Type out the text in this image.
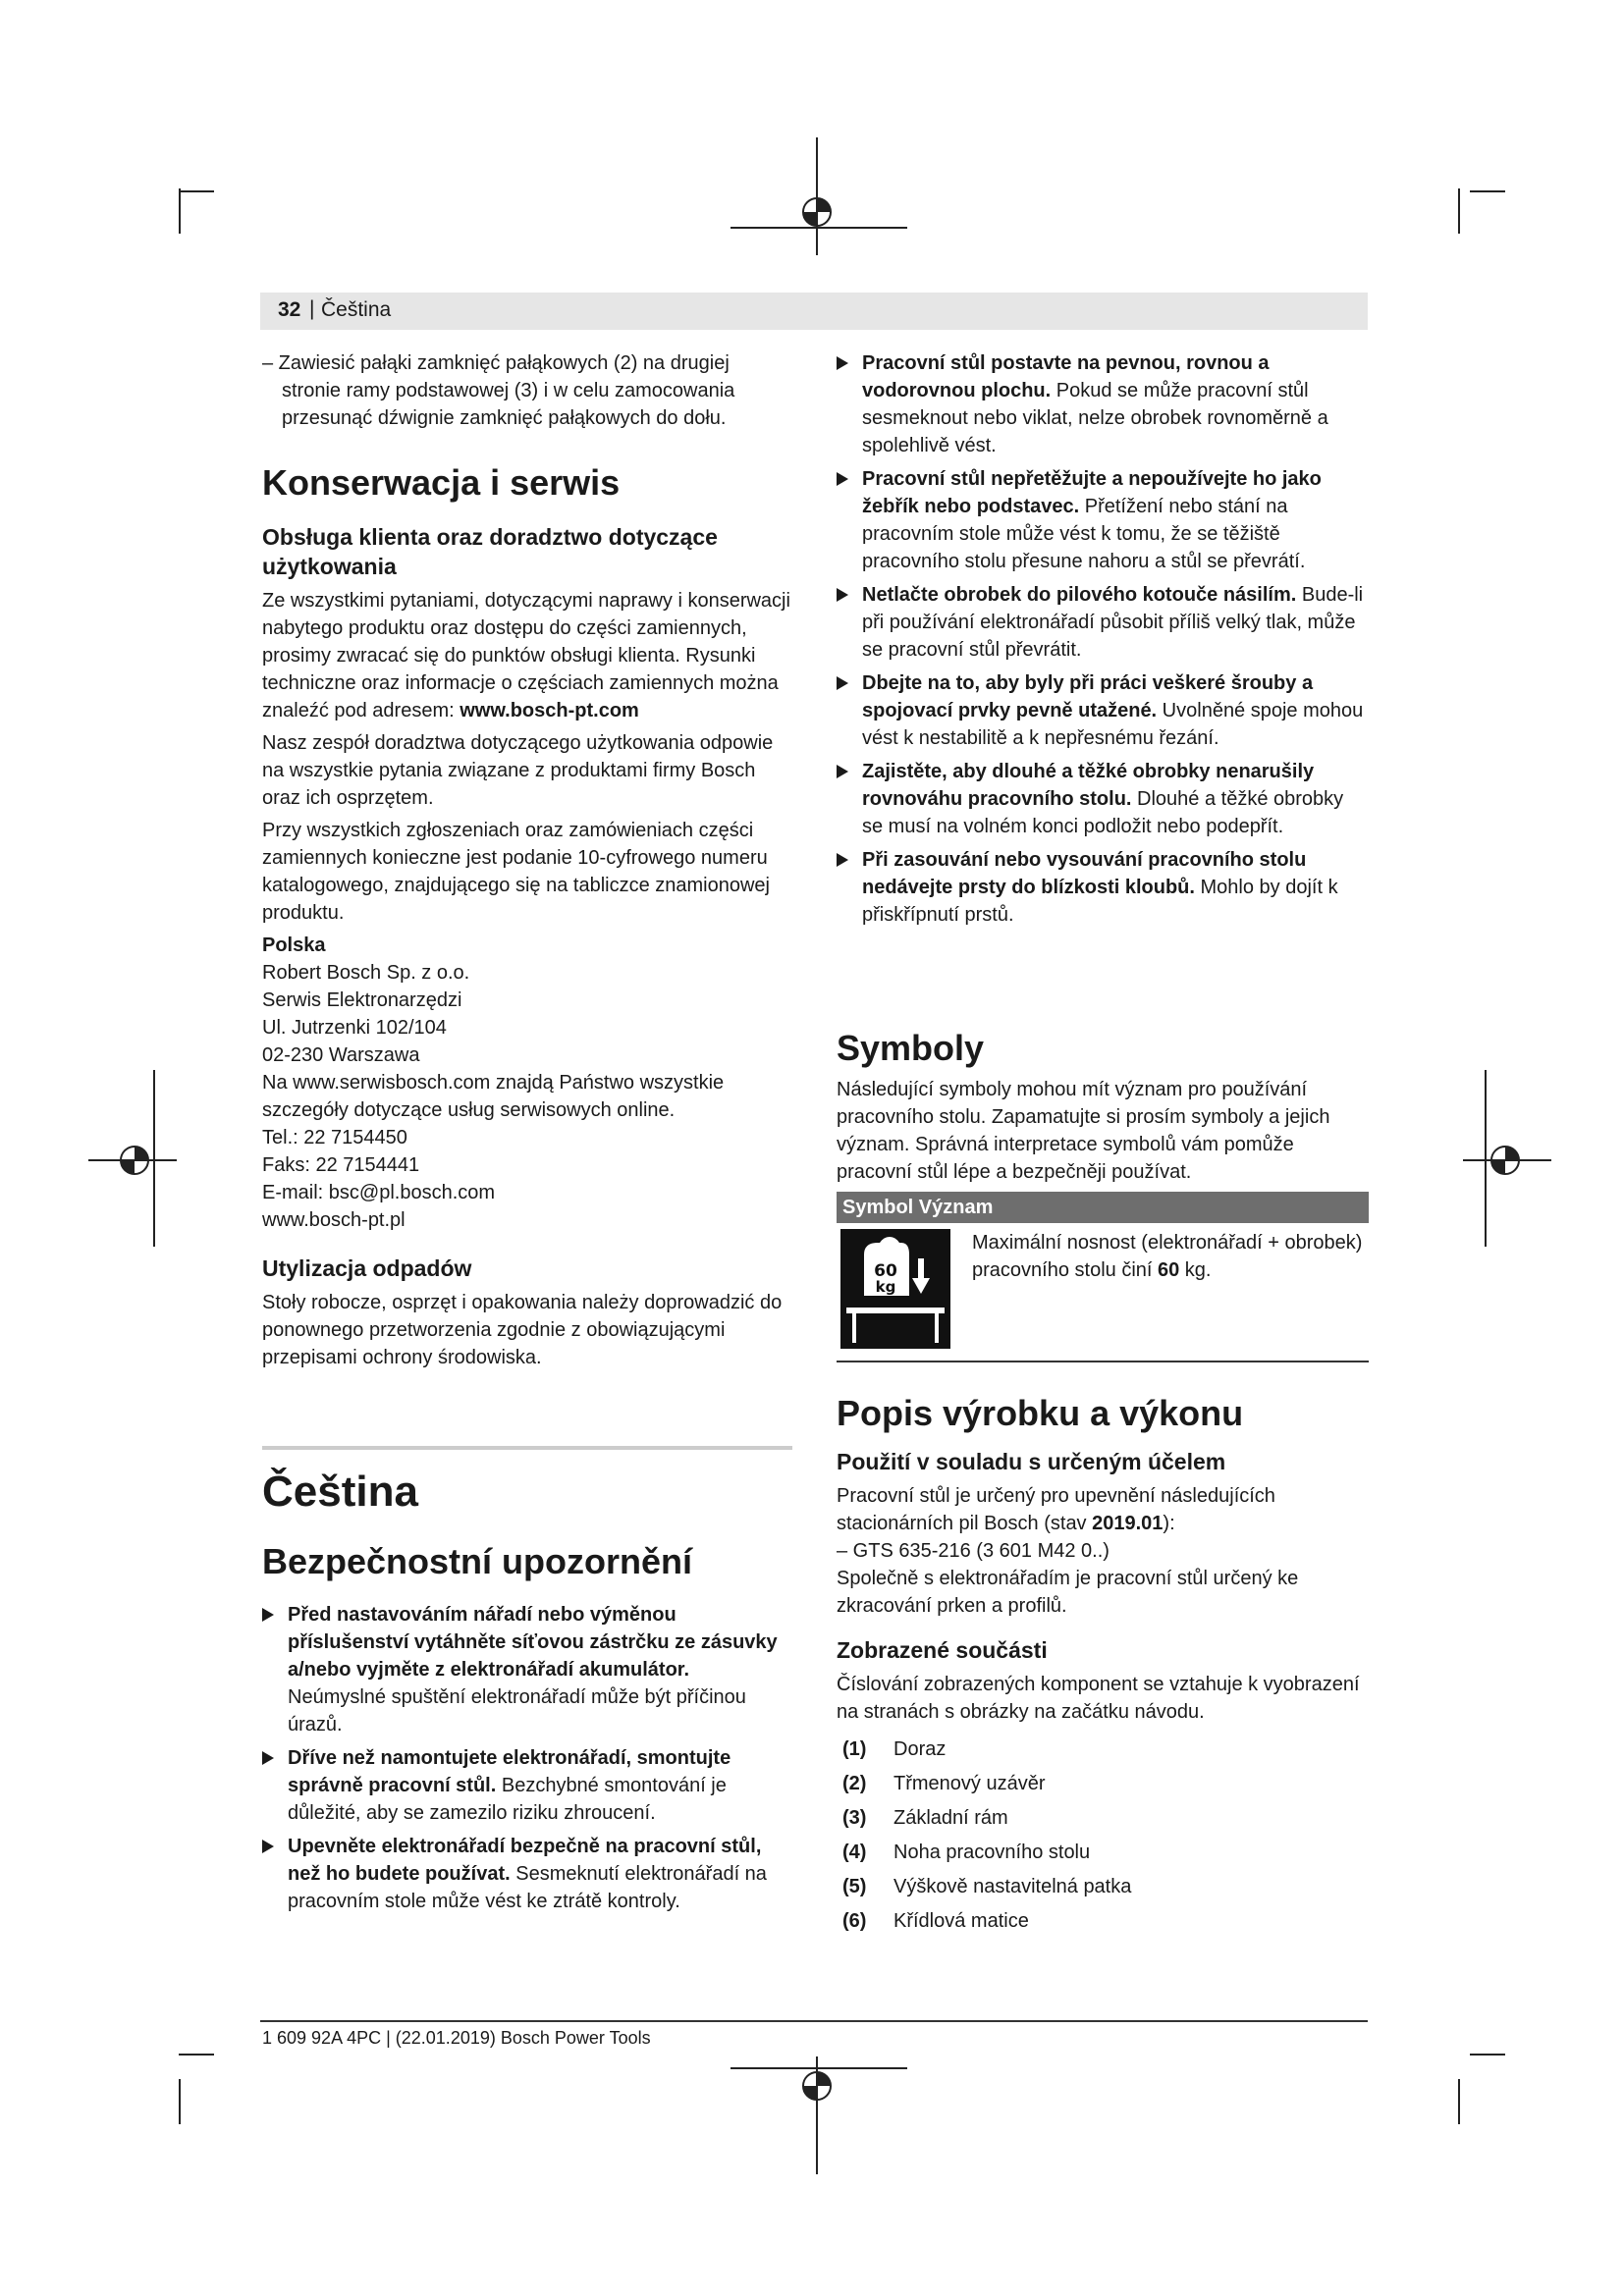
32 | Čeština

– Zawiesić pałąki zamknięć pałąkowych (2) na drugiej stronie ramy podstawowej (3) i w celu zamocowania przesunąć dźwignie zamknięć pałąkowych do dołu.

Konserwacja i serwis
Obsługa klienta oraz doradztwo dotyczące użytkowania

Ze wszystkimi pytaniami, dotyczącymi naprawy i konserwacji nabytego produktu oraz dostępu do części zamiennych, prosimy zwracać się do punktów obsługi klienta. Rysunki techniczne oraz informacje o częściach zamiennych można znaleźć pod adresem: www.bosch-pt.com

Nasz zespół doradztwa dotyczącego użytkowania odpowie na wszystkie pytania związane z produktami firmy Bosch oraz ich osprzętem.

Przy wszystkich zgłoszeniach oraz zamówieniach części zamiennych konieczne jest podanie 10-cyfrowego numeru katalogowego, znajdującego się na tabliczce znamionowej produktu.

Polska

Robert Bosch Sp. z o.o.
Serwis Elektronarzędzi
Ul. Jutrzenki 102/104
02-230 Warszawa
Na www.serwisbosch.com znajdą Państwo wszystkie szczegóły dotyczące usług serwisowych online.
Tel.: 22 7154450
Faks: 22 7154441
E-mail: bsc@pl.bosch.com
www.bosch-pt.pl
Utylizacja odpadów

Stoły robocze, osprzęt i opakowania należy doprowadzić do ponownego przetworzenia zgodnie z obowiązującymi przepisami ochrony środowiska.

Čeština
Bezpečnostní upozornění
Před nastavováním nářadí nebo výměnou příslušenství vytáhněte síťovou zástrčku ze zásuvky a/nebo vyjměte z elektronářadí akumulátor. Neúmyslné spuštění elektronářadí může být příčinou úrazů.
Dříve než namontujete elektronářadí, smontujte správně pracovní stůl. Bezchybné smontování je důležité, aby se zamezilo riziku zhroucení.
Upevněte elektronářadí bezpečně na pracovní stůl, než ho budete používat. Sesmeknutí elektronářadí na pracovním stole může vést ke ztrátě kontroly.
Pracovní stůl postavte na pevnou, rovnou a vodorovnou plochu. Pokud se může pracovní stůl sesmeknout nebo viklat, nelze obrobek rovnoměrně a spolehlivě vést.
Pracovní stůl nepřetěžujte a nepoužívejte ho jako žebřík nebo podstavec. Přetížení nebo stání na pracovním stole může vést k tomu, že se těžiště pracovního stolu přesune nahoru a stůl se převrátí.
Netlačte obrobek do pilového kotouče násilím. Bude-li při používání elektronářadí působit příliš velký tlak, může se pracovní stůl převrátit.
Dbejte na to, aby byly při práci veškeré šrouby a spojovací prvky pevně utažené. Uvolněné spoje mohou vést k nestabilitě a k nepřesnému řezání.
Zajistěte, aby dlouhé a těžké obrobky nenarušily rovnováhu pracovního stolu. Dlouhé a těžké obrobky se musí na volném konci podložit nebo podepřít.
Při zasouvání nebo vysouvání pracovního stolu nedávejte prsty do blízkosti kloubů. Mohlo by dojít k přiskřípnutí prstů.
Symboly

Následující symboly mohou mít význam pro používání pracovního stolu. Zapamatujte si prosím symboly a jejich význam. Správná interpretace symbolů vám pomůže pracovní stůl lépe a bezpečněji používat.

Symbol Význam
60
kg
Maximální nosnost (elektronářadí + obrobek) pracovního stolu činí 60 kg.
Popis výrobku a výkonu
Použití v souladu s určeným účelem

Pracovní stůl je určený pro upevnění následujících stacionárních pil Bosch (stav 2019.01):

– GTS 635-216 (3 601 M42 0..)

Společně s elektronářadím je pracovní stůl určený ke zkracování prken a profilů.

Zobrazené součásti

Číslování zobrazených komponent se vztahuje k vyobrazení na stranách s obrázky na začátku návodu.

(1) Doraz
(2) Třmenový uzávěr
(3) Základní rám
(4) Noha pracovního stolu
(5) Výškově nastavitelná patka
(6) Křídlová matice
1 609 92A 4PC | (22.01.2019) Bosch Power Tools
